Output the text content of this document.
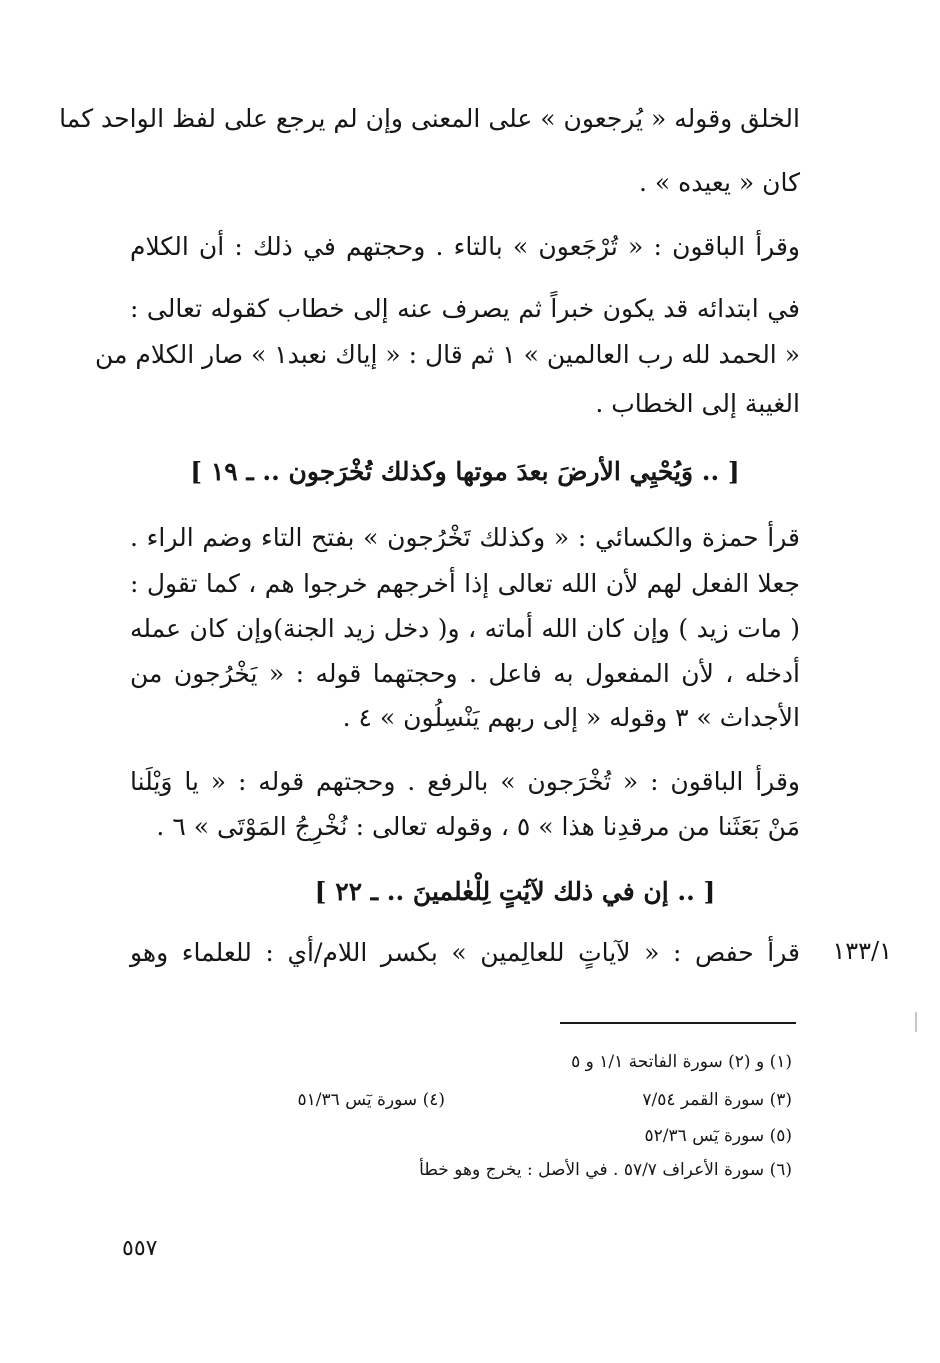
الخلق وقوله « يُرجعون » على المعنى وإن لم يرجع على لفظ الواحد كما
كان « يعيده » .
وقرأ الباقون : « تُرْجَعون » بالتاء . وحجتهم في ذلك : أن الكلام
في ابتدائه قد يكون خبراً ثم يصرف عنه إلى خطاب كقوله تعالى :
« الحمد لله رب العالمين » ١ ثم قال : « إياك نعبد١ » صار الكلام من
الغيبة إلى الخطاب .
[ .. وَيُحْيِي الأرضَ بعدَ موتها وكذلك تُخْرَجون .. ـ ١٩ ]
قرأ حمزة والكسائي : « وكذلك تَخْرُجون » بفتح التاء وضم الراء .
جعلا الفعل لهم لأن الله تعالى إذا أخرجهم خرجوا هم ، كما تقول :
( مات زيد ) وإن كان الله أماته ، و( دخل زيد الجنة)وإن كان عمله
أدخله ، لأن المفعول به فاعل . وحجتهما قوله : « يَخْرُجون من
الأجداث » ٣ وقوله « إلى ربهم يَنْسِلُون » ٤ .
وقرأ الباقون : « تُخْرَجون » بالرفع . وحجتهم قوله : « يا وَيْلَنا
مَنْ بَعَثَنا من مرقدِنا هذا » ٥ ، وقوله تعالى : نُخْرِجُ المَوْتَى » ٦ .
[ .. إن في ذلك لآيَٰتٍ لِلْعٰلمينَ .. ـ ٢٢ ]
قرأ حفص : « لآياتٍ للعالِمين » بكسر اللام/أي : للعلماء وهو ١٣٣/١
(١) و (٢) سورة الفاتحة ١/١ و ٥
(٣) سورة القمر ٧/٥٤
(٤) سورة يٓس ٥١/٣٦
(٥) سورة يٓس ٥٢/٣٦
(٦) سورة الأعراف ٥٧/٧ . في الأصل : يخرج وهو خطأ
٥٥٧
